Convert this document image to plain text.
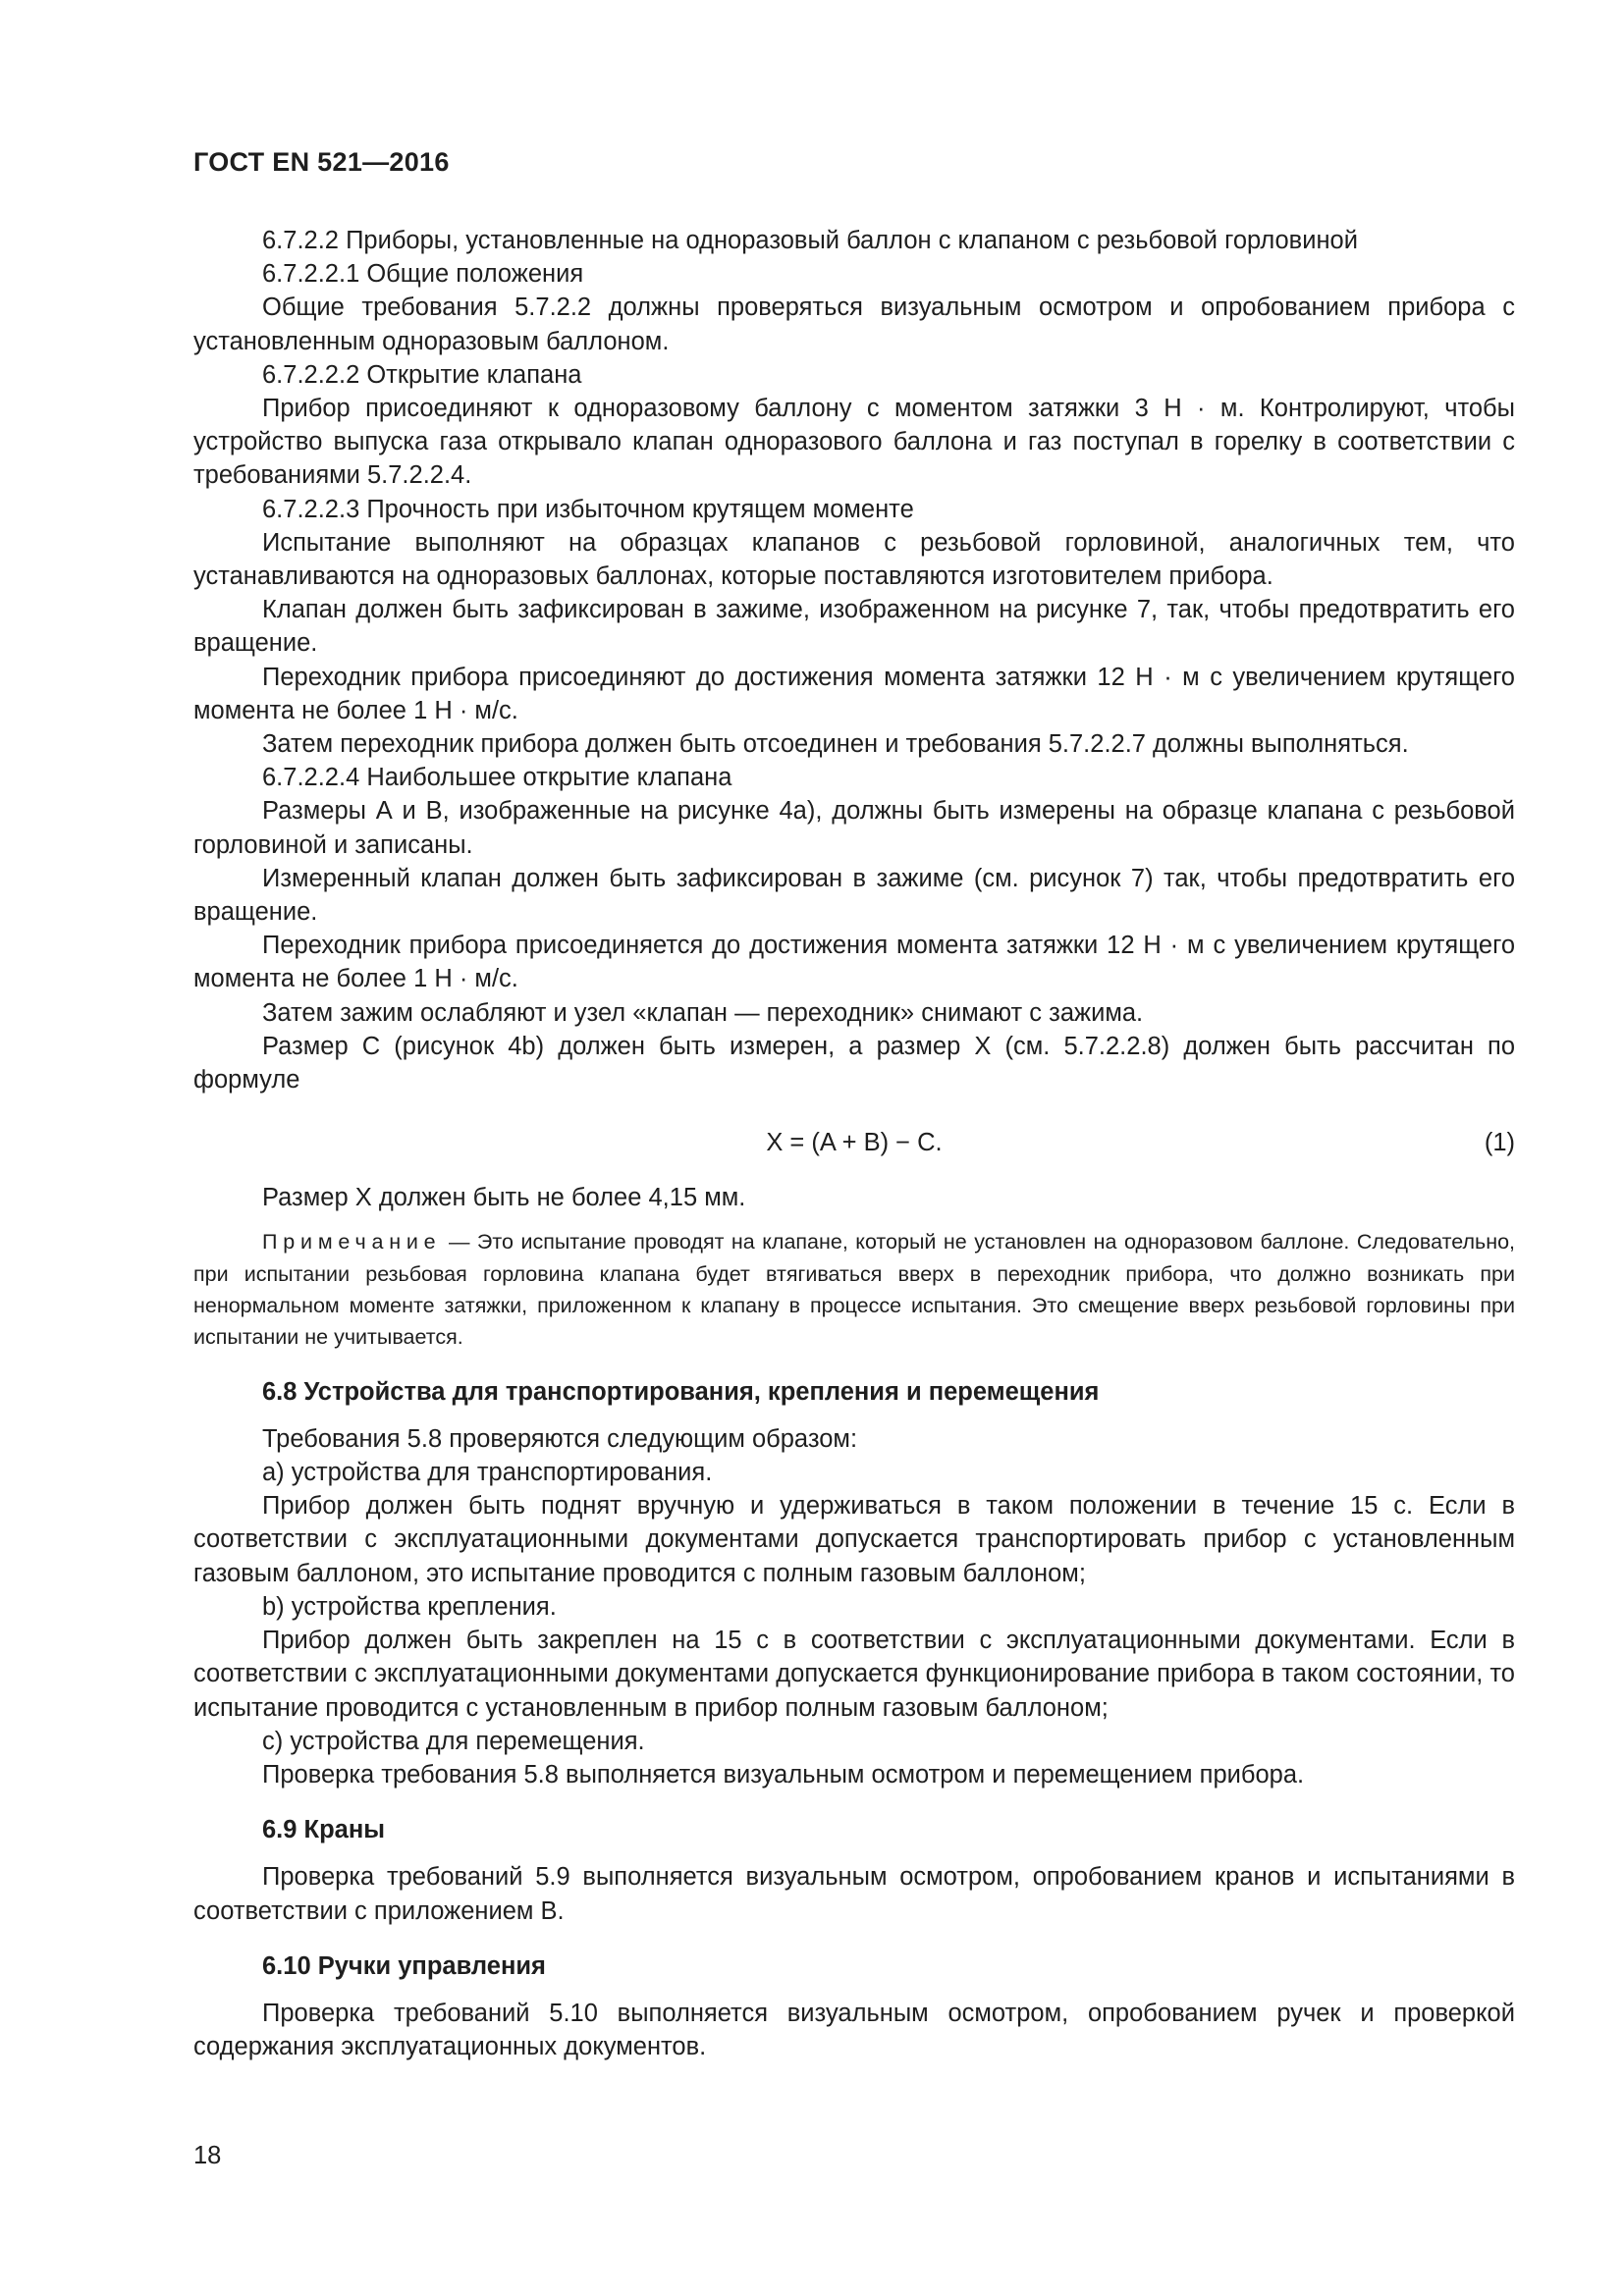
ГОСТ EN 521—2016

6.7.2.2 Приборы, установленные на одноразовый баллон с клапаном с резьбовой горловиной

6.7.2.2.1 Общие положения

Общие требования 5.7.2.2 должны проверяться визуальным осмотром и опробованием прибора с установленным одноразовым баллоном.

6.7.2.2.2 Открытие клапана

Прибор присоединяют к одноразовому баллону с моментом затяжки 3 Н · м. Контролируют, чтобы устройство выпуска газа открывало клапан одноразового баллона и газ поступал в горелку в соответствии с требованиями 5.7.2.2.4.

6.7.2.2.3 Прочность при избыточном крутящем моменте

Испытание выполняют на образцах клапанов с резьбовой горловиной, аналогичных тем, что устанавливаются на одноразовых баллонах, которые поставляются изготовителем прибора.

Клапан должен быть зафиксирован в зажиме, изображенном на рисунке 7, так, чтобы предотвратить его вращение.

Переходник прибора присоединяют до достижения момента затяжки 12 Н · м с увеличением крутящего момента не более 1 Н · м/с.

Затем переходник прибора должен быть отсоединен и требования 5.7.2.2.7 должны выполняться.

6.7.2.2.4 Наибольшее открытие клапана

Размеры А и В, изображенные на рисунке 4а), должны быть измерены на образце клапана с резьбовой горловиной и записаны.

Измеренный клапан должен быть зафиксирован в зажиме (см. рисунок 7) так, чтобы предотвратить его вращение.

Переходник прибора присоединяется до достижения момента затяжки 12 Н · м с увеличением крутящего момента не более 1 Н · м/с.

Затем зажим ослабляют и узел «клапан — переходник» снимают с зажима.

Размер С (рисунок 4b) должен быть измерен, а размер X (см. 5.7.2.2.8) должен быть рассчитан по формуле

X = (A + B) − C.	(1)

Размер X должен быть не более 4,15 мм.

Примечание — Это испытание проводят на клапане, который не установлен на одноразовом баллоне. Следовательно, при испытании резьбовая горловина клапана будет втягиваться вверх в переходник прибора, что должно возникать при ненормальном моменте затяжки, приложенном к клапану в процессе испытания. Это смещение вверх резьбовой горловины при испытании не учитывается.

6.8 Устройства для транспортирования, крепления и перемещения

Требования 5.8 проверяются следующим образом:

а) устройства для транспортирования.

Прибор должен быть поднят вручную и удерживаться в таком положении в течение 15 с. Если в соответствии с эксплуатационными документами допускается транспортировать прибор с установленным газовым баллоном, это испытание проводится с полным газовым баллоном;

b) устройства крепления.

Прибор должен быть закреплен на 15 с в соответствии с эксплуатационными документами. Если в соответствии с эксплуатационными документами допускается функционирование прибора в таком состоянии, то испытание проводится с установленным в прибор полным газовым баллоном;

с) устройства для перемещения.

Проверка требования 5.8 выполняется визуальным осмотром и перемещением прибора.

6.9 Краны

Проверка требований 5.9 выполняется визуальным осмотром, опробованием кранов и испытаниями в соответствии с приложением В.

6.10 Ручки управления

Проверка требований 5.10 выполняется визуальным осмотром, опробованием ручек и проверкой содержания эксплуатационных документов.

18
